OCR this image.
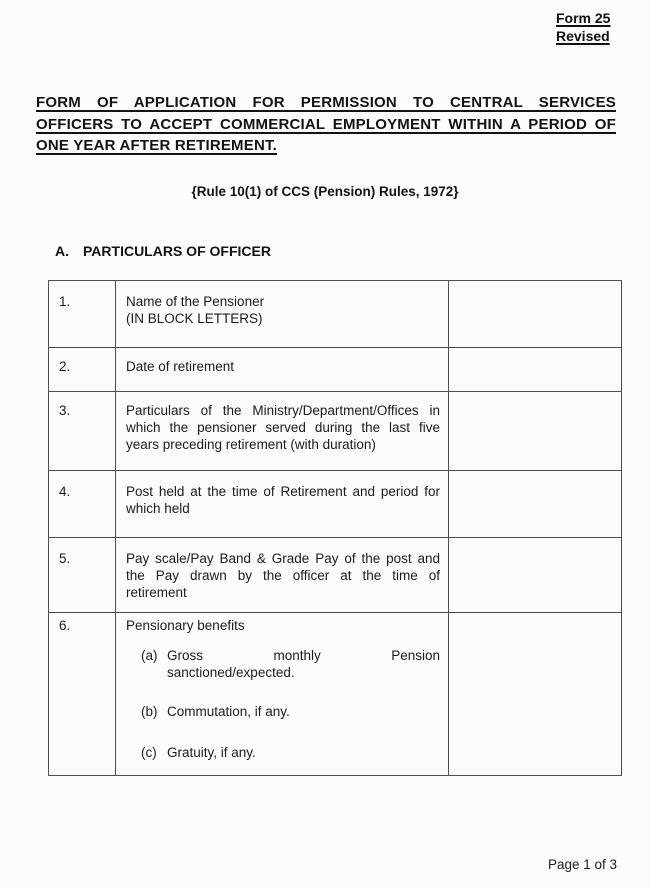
Form 25
Revised
FORM OF APPLICATION FOR PERMISSION TO CENTRAL SERVICES
OFFICERS TO ACCEPT COMMERCIAL EMPLOYMENT WITHIN A PERIOD OF
ONE YEAR AFTER RETIREMENT.
{Rule 10(1) of CCS (Pension) Rules, 1972}
A. PARTICULARS OF OFFICER
1.	Name of the Pensioner
(IN BLOCK LETTERS)	

2.	Date of retirement	

3.	Particulars of the Ministry/Department/Offices in
which the pensioner served during the last five
years preceding retirement (with duration)	

4.	Post held at the time of Retirement and period for
which held	

5.	Pay scale/Pay Band & Grade Pay of the post and
the Pay drawn by the officer at the time of
retirement	

6.	Pensionary benefits
(a) Gross monthly Pension
sanctioned/expected.
(b) Commutation, if any.
(c) Gratuity, if any.

Page 1 of 3
